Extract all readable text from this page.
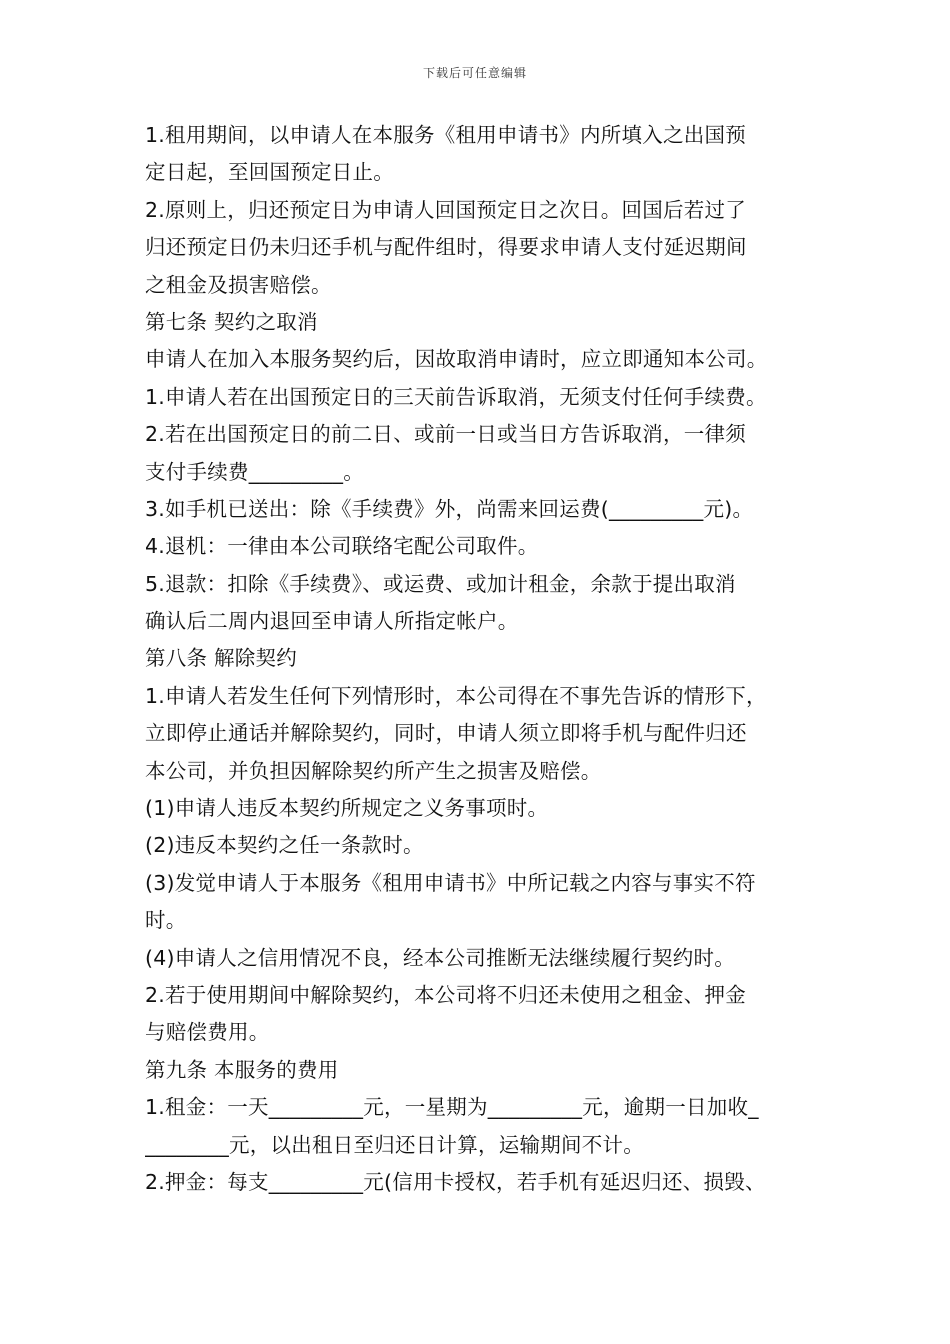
下载后可任意编辑
1.租用期间，以申请人在本服务《租用申请书》内所填入之出国预
定日起，至回国预定日止。
2.原则上，归还预定日为申请人回国预定日之次日。回国后若过了
归还预定日仍未归还手机与配件组时，得要求申请人支付延迟期间
之租金及损害赔偿。
第七条 契约之取消
申请人在加入本服务契约后，因故取消申请时，应立即通知本公司。
1.申请人若在出国预定日的三天前告诉取消，无须支付任何手续费。
2.若在出国预定日的前二日、或前一日或当日方告诉取消，一律须
支付手续费_________。
3.如手机已送出：除《手续费》外，尚需来回运费(_________元)。
4.退机：一律由本公司联络宅配公司取件。
5.退款：扣除《手续费》、或运费、或加计租金，余款于提出取消
确认后二周内退回至申请人所指定帐户。
第八条 解除契约
1.申请人若发生任何下列情形时，本公司得在不事先告诉的情形下，
立即停止通话并解除契约，同时，申请人须立即将手机与配件归还
本公司，并负担因解除契约所产生之损害及赔偿。
(1)申请人违反本契约所规定之义务事项时。
(2)违反本契约之任一条款时。
(3)发觉申请人于本服务《租用申请书》中所记载之内容与事实不符
时。
(4)申请人之信用情况不良，经本公司推断无法继续履行契约时。
2.若于使用期间中解除契约，本公司将不归还未使用之租金、押金
与赔偿费用。
第九条 本服务的费用
1.租金：一天_________元，一星期为_________元，逾期一日加收_
________元，以出租日至归还日计算，运输期间不计。
2.押金：每支_________元(信用卡授权，若手机有延迟归还、损毁、
